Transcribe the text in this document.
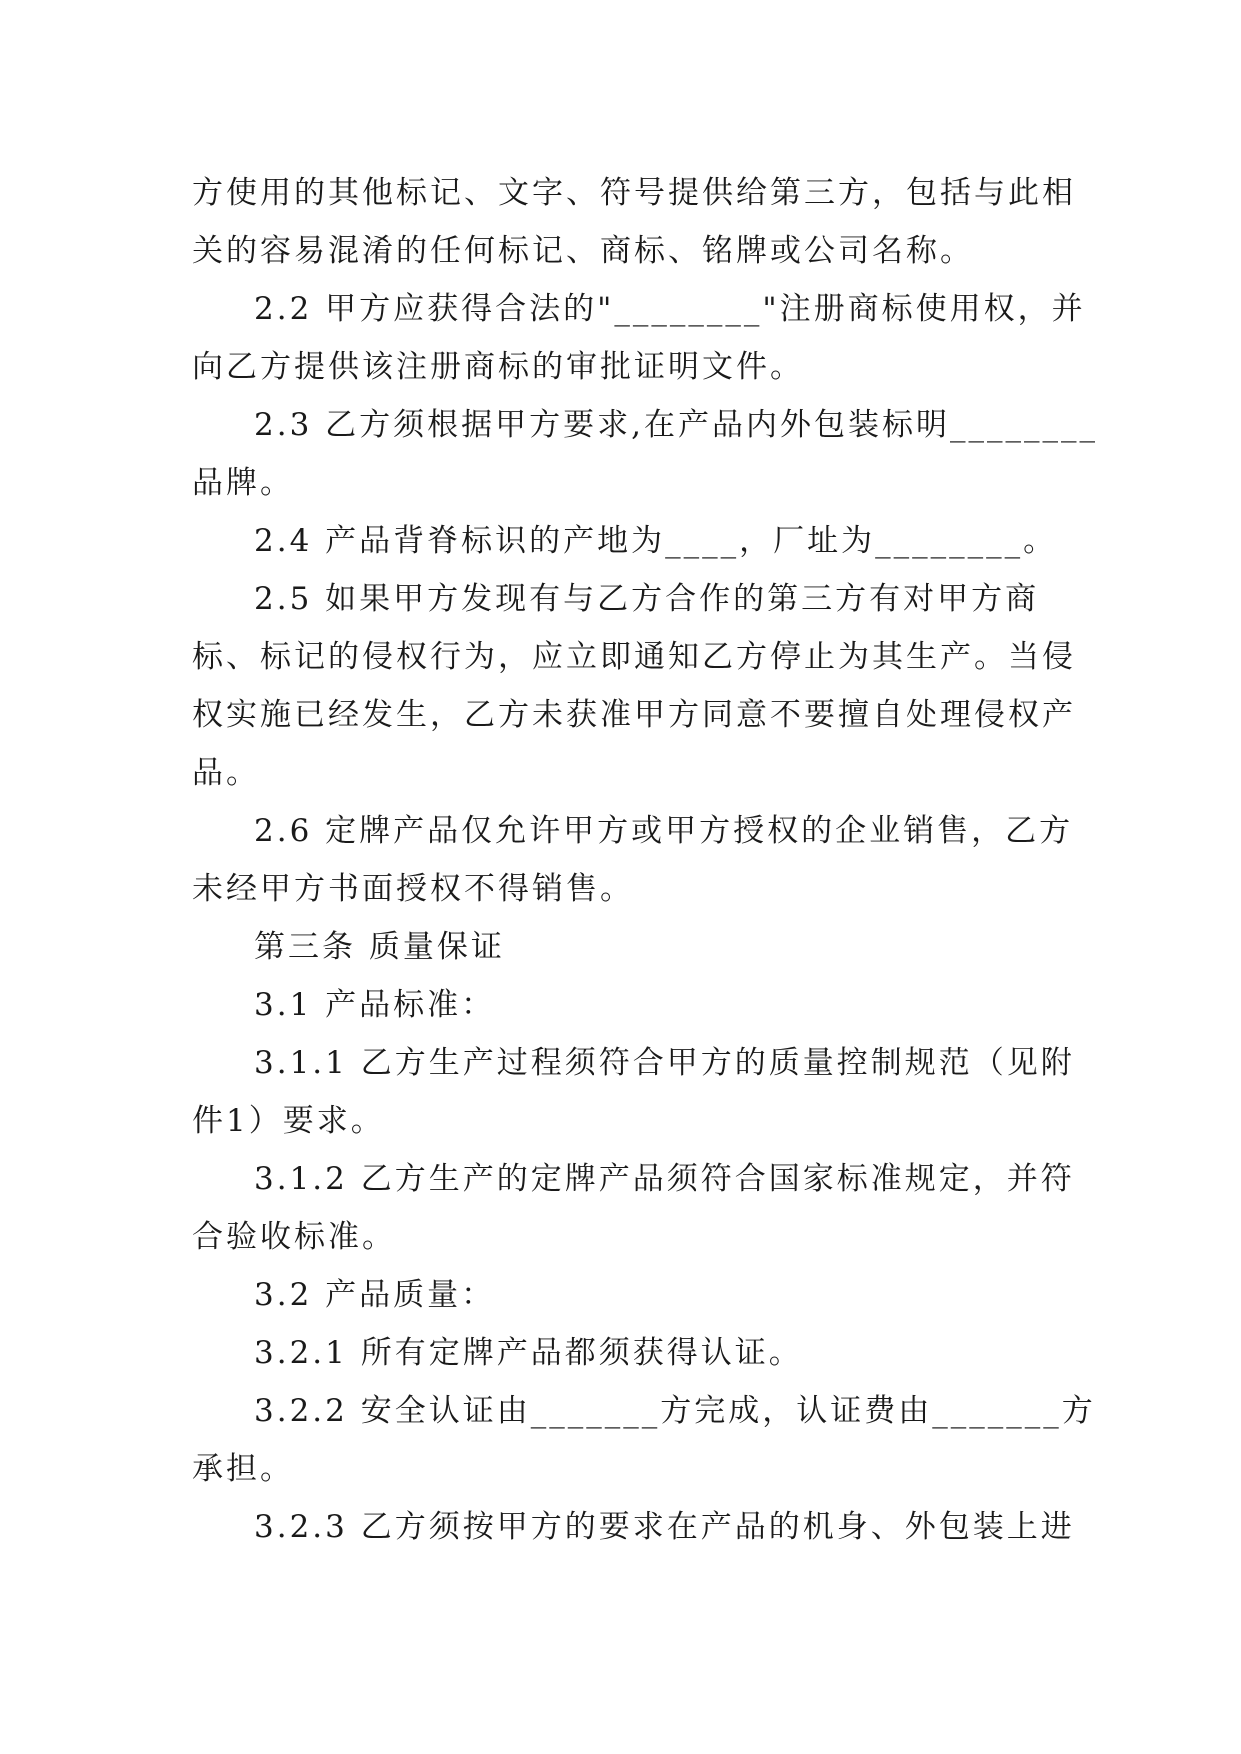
方使用的其他标记、文字、符号提供给第三方，包括与此相
关的容易混淆的任何标记、商标、铭牌或公司名称。
2.2 甲方应获得合法的"________"注册商标使用权，并
向乙方提供该注册商标的审批证明文件。
2.3 乙方须根据甲方要求,在产品内外包装标明________
品牌。
2.4 产品背脊标识的产地为____，厂址为________。
2.5 如果甲方发现有与乙方合作的第三方有对甲方商
标、标记的侵权行为，应立即通知乙方停止为其生产。当侵
权实施已经发生，乙方未获准甲方同意不要擅自处理侵权产
品。
2.6 定牌产品仅允许甲方或甲方授权的企业销售，乙方
未经甲方书面授权不得销售。
第三条 质量保证
3.1 产品标准：
3.1.1 乙方生产过程须符合甲方的质量控制规范（见附
件1）要求。
3.1.2 乙方生产的定牌产品须符合国家标准规定，并符
合验收标准。
3.2 产品质量：
3.2.1 所有定牌产品都须获得认证。
3.2.2 安全认证由_______方完成，认证费由_______方
承担。
3.2.3 乙方须按甲方的要求在产品的机身、外包装上进
